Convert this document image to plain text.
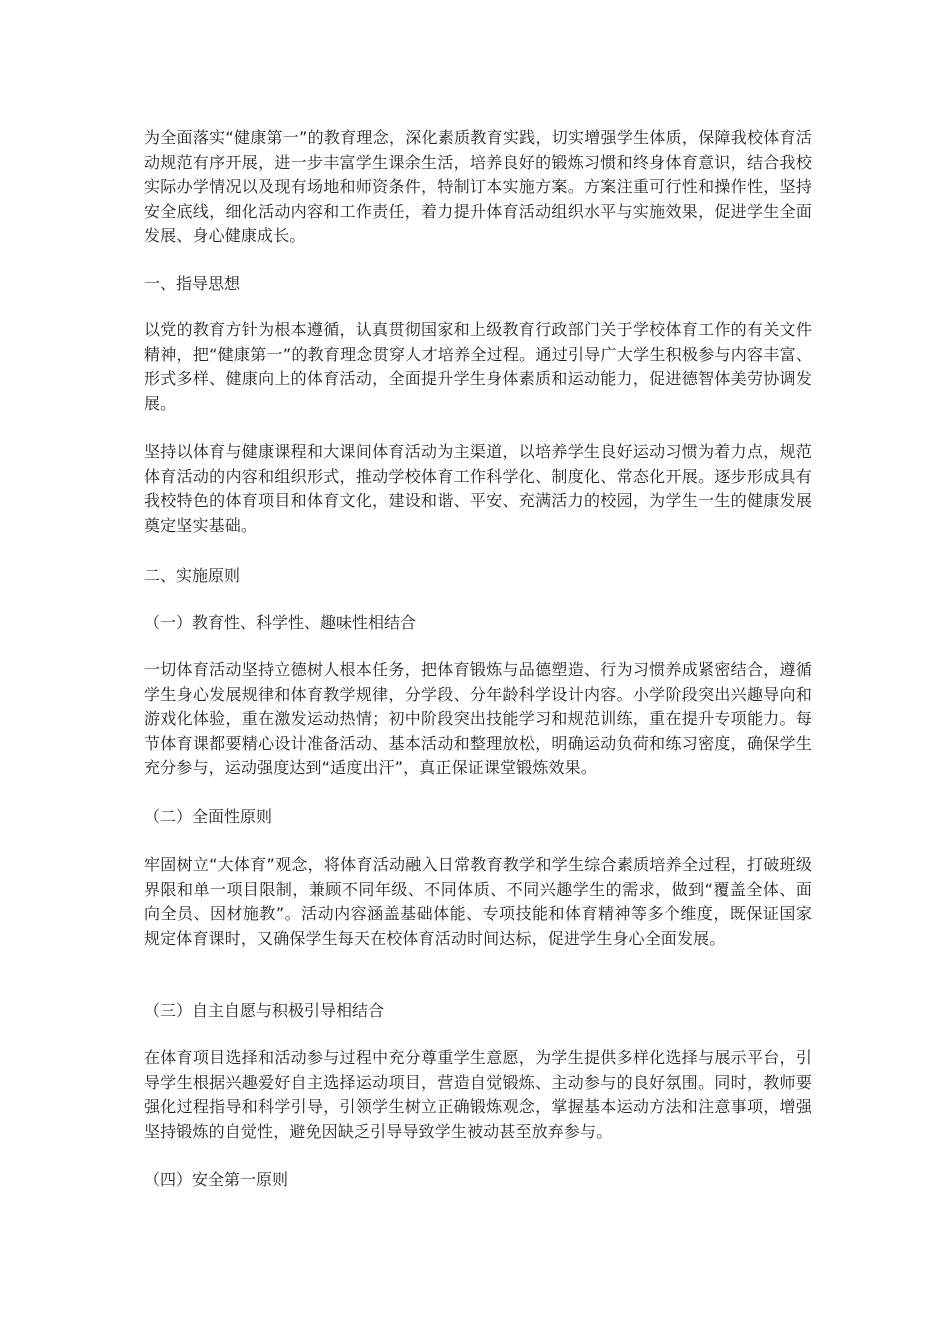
为全面落实“健康第一”的教育理念，深化素质教育实践，切实增强学生体质，保障我校体育活动规范有序开展，进一步丰富学生课余生活，培养良好的锻炼习惯和终身体育意识，结合我校实际办学情况以及现有场地和师资条件，特制订本实施方案。方案注重可行性和操作性，坚持安全底线，细化活动内容和工作责任，着力提升体育活动组织水平与实施效果，促进学生全面发展、身心健康成长。

一、指导思想

以党的教育方针为根本遵循，认真贯彻国家和上级教育行政部门关于学校体育工作的有关文件精神，把“健康第一”的教育理念贯穿人才培养全过程。通过引导广大学生积极参与内容丰富、形式多样、健康向上的体育活动，全面提升学生身体素质和运动能力，促进德智体美劳协调发展。

坚持以体育与健康课程和大课间体育活动为主渠道，以培养学生良好运动习惯为着力点，规范体育活动的内容和组织形式，推动学校体育工作科学化、制度化、常态化开展。逐步形成具有我校特色的体育项目和体育文化，建设和谐、平安、充满活力的校园，为学生一生的健康发展奠定坚实基础。

二、实施原则

（一）教育性、科学性、趣味性相结合

一切体育活动坚持立德树人根本任务，把体育锻炼与品德塑造、行为习惯养成紧密结合，遵循学生身心发展规律和体育教学规律，分学段、分年龄科学设计内容。小学阶段突出兴趣导向和游戏化体验，重在激发运动热情；初中阶段突出技能学习和规范训练，重在提升专项能力。每节体育课都要精心设计准备活动、基本活动和整理放松，明确运动负荷和练习密度，确保学生充分参与，运动强度达到“适度出汗”，真正保证课堂锻炼效果。

（二）全面性原则

牢固树立“大体育”观念，将体育活动融入日常教育教学和学生综合素质培养全过程，打破班级界限和单一项目限制，兼顾不同年级、不同体质、不同兴趣学生的需求，做到“覆盖全体、面向全员、因材施教”。活动内容涵盖基础体能、专项技能和体育精神等多个维度，既保证国家规定体育课时，又确保学生每天在校体育活动时间达标，促进学生身心全面发展。

（三）自主自愿与积极引导相结合

在体育项目选择和活动参与过程中充分尊重学生意愿，为学生提供多样化选择与展示平台，引导学生根据兴趣爱好自主选择运动项目，营造自觉锻炼、主动参与的良好氛围。同时，教师要强化过程指导和科学引导，引领学生树立正确锻炼观念，掌握基本运动方法和注意事项，增强坚持锻炼的自觉性，避免因缺乏引导导致学生被动甚至放弃参与。

（四）安全第一原则
